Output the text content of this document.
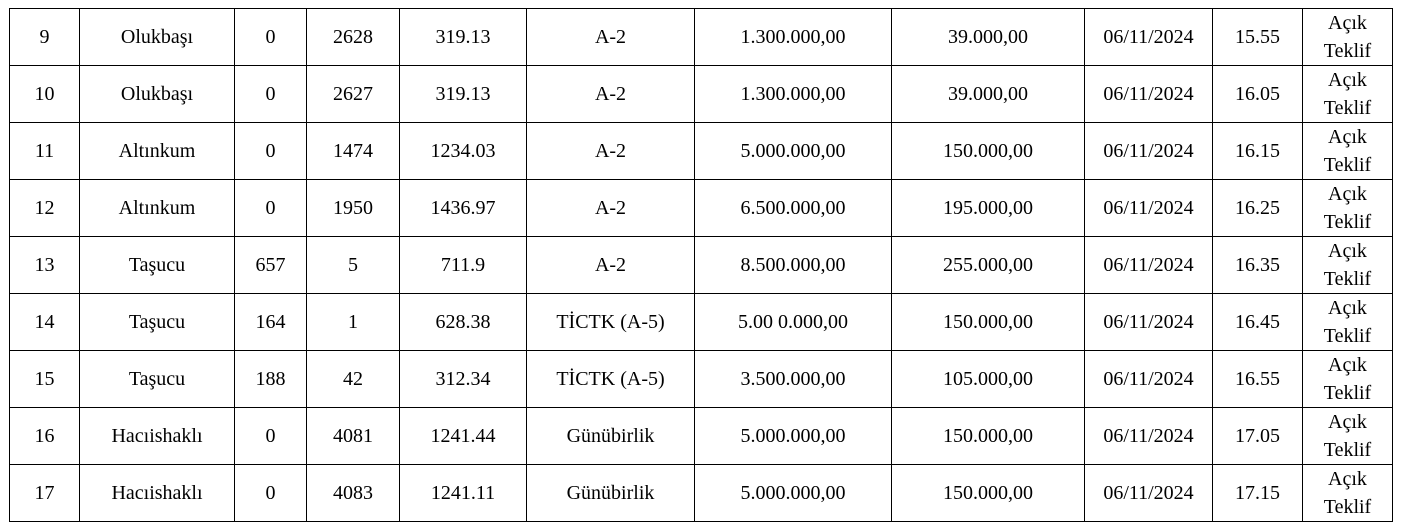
9	Olukbaşı	0	2628	319.13	A-2	1.300.000,00	39.000,00	06/11/2024	15.55	Açık
Teklif

10	Olukbaşı	0	2627	319.13	A-2	1.300.000,00	39.000,00	06/11/2024	16.05	Açık
Teklif

11	Altınkum	0	1474	1234.03	A-2	5.000.000,00	150.000,00	06/11/2024	16.15	Açık
Teklif

12	Altınkum	0	1950	1436.97	A-2	6.500.000,00	195.000,00	06/11/2024	16.25	Açık
Teklif

13	Taşucu	657	5	711.9	A-2	8.500.000,00	255.000,00	06/11/2024	16.35	Açık
Teklif

14	Taşucu	164	1	628.38	TİCTK (A-5)	5.00 0.000,00	150.000,00	06/11/2024	16.45	Açık
Teklif

15	Taşucu	188	42	312.34	TİCTK (A-5)	3.500.000,00	105.000,00	06/11/2024	16.55	Açık
Teklif

16	Hacıishaklı	0	4081	1241.44	Günübirlik	5.000.000,00	150.000,00	06/11/2024	17.05	Açık
Teklif

17	Hacıishaklı	0	4083	1241.11	Günübirlik	5.000.000,00	150.000,00	06/11/2024	17.15	Açık
Teklif
